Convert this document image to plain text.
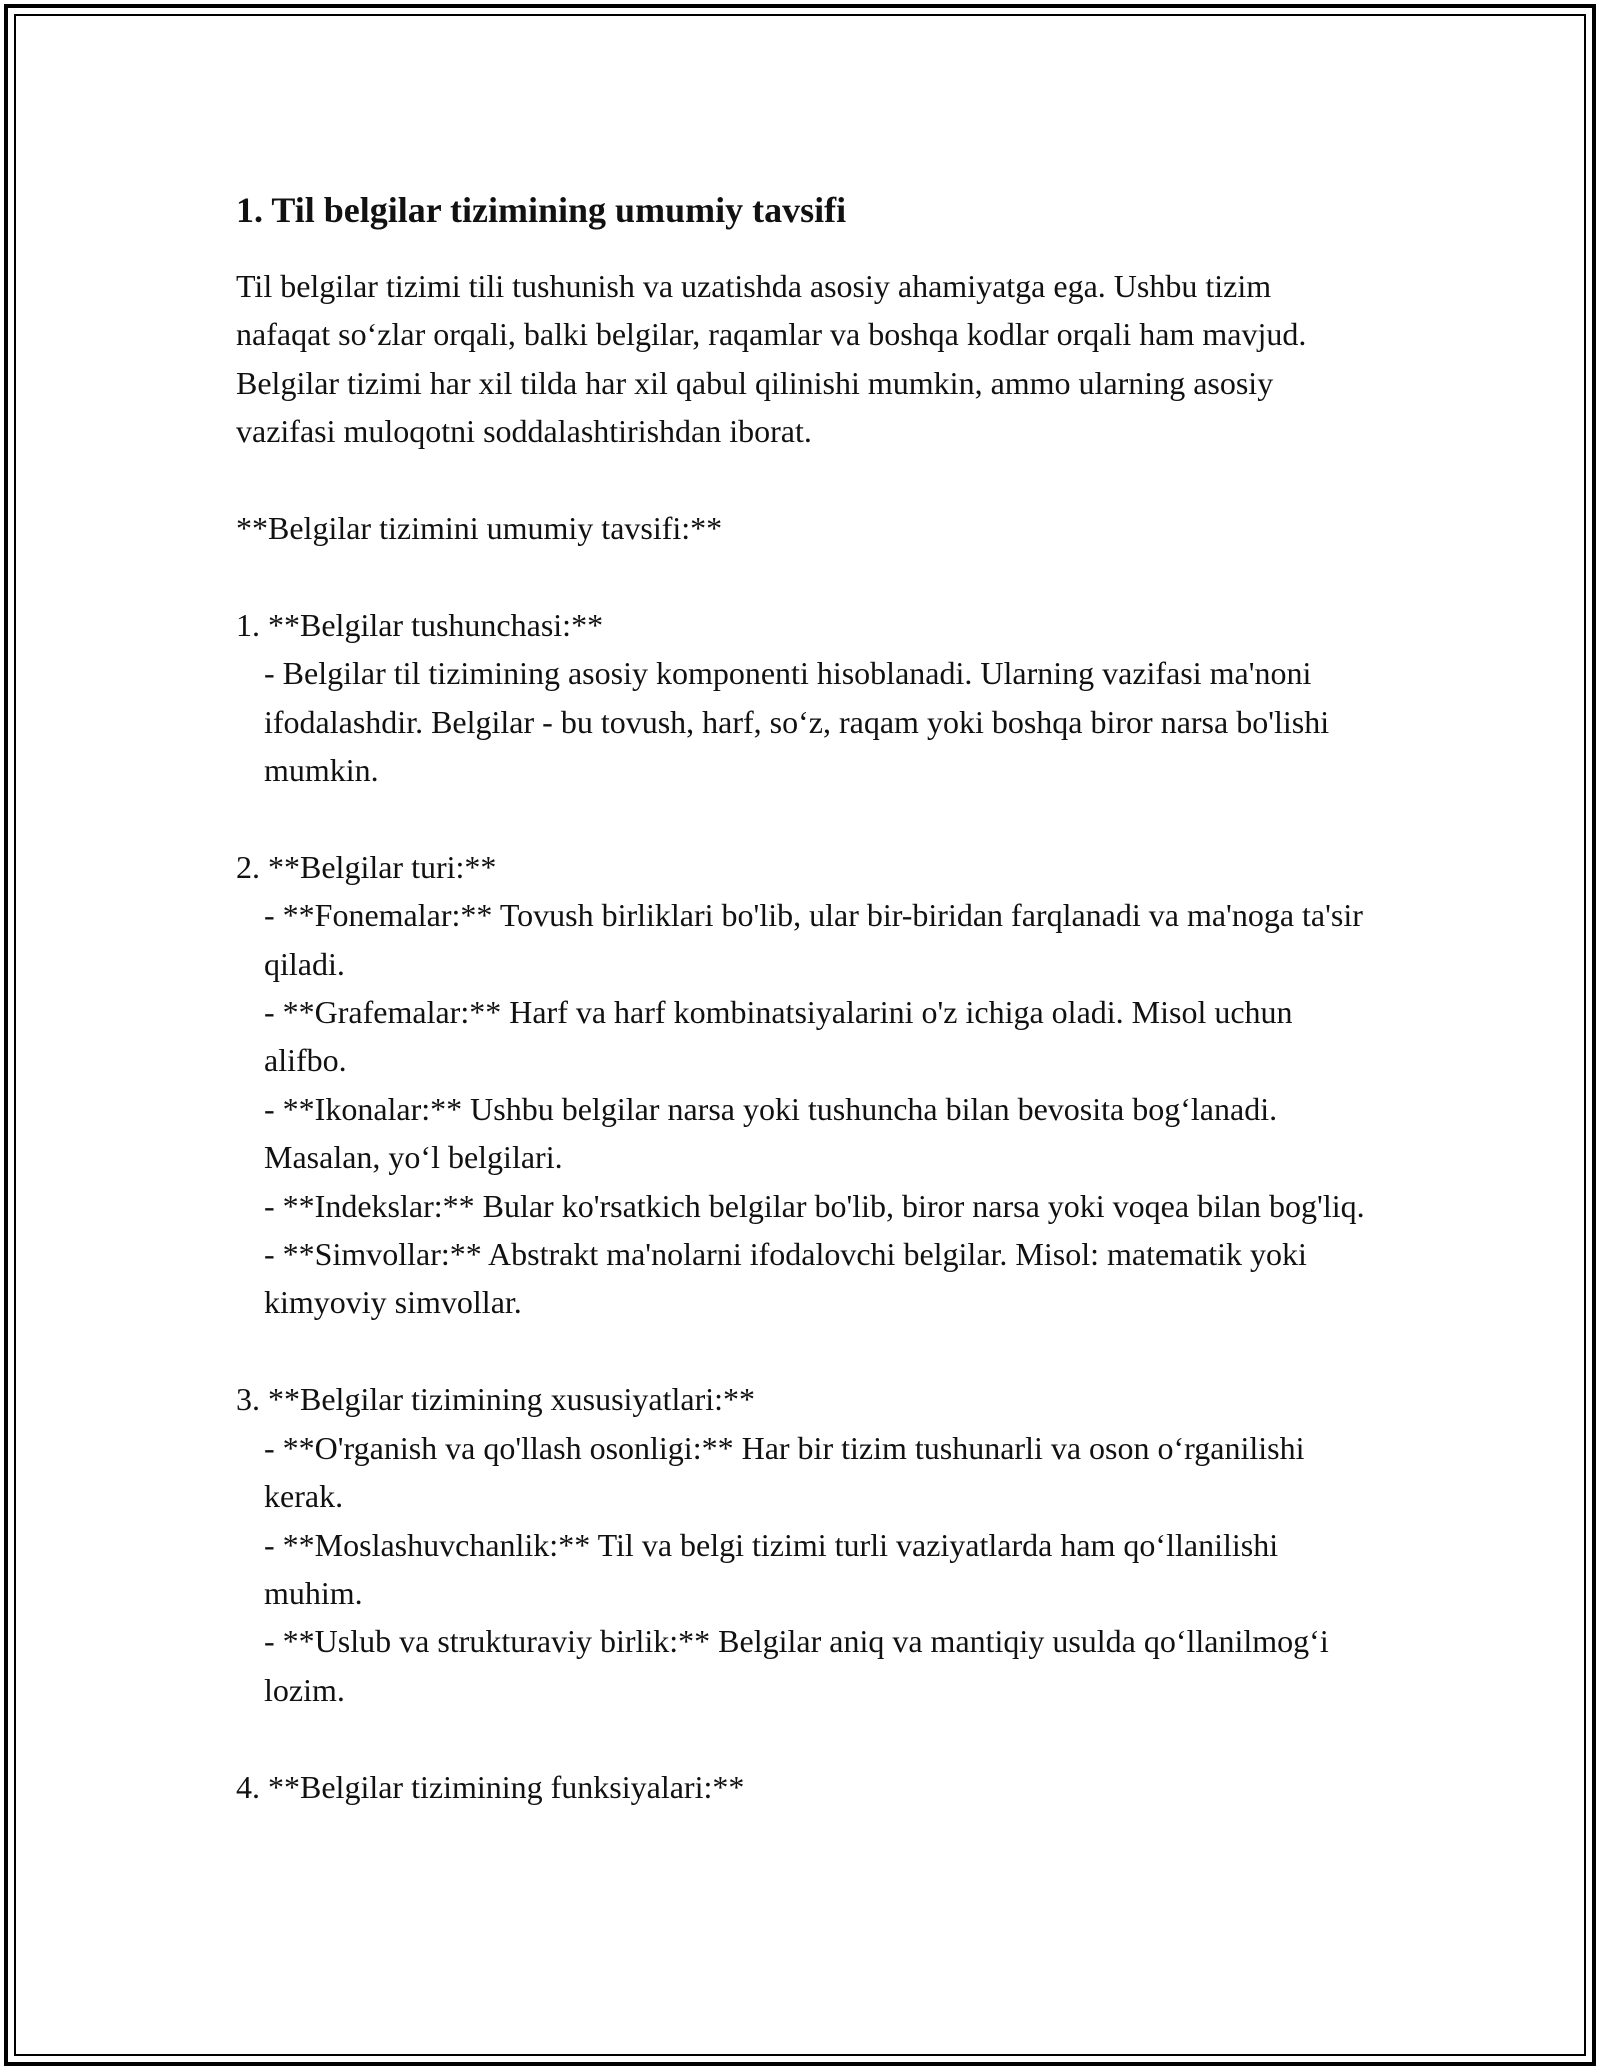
1. Til belgilar tizimining umumiy tavsifi

Til belgilar tizimi tili tushunish va uzatishda asosiy ahamiyatga ega. Ushbu tizim nafaqat so‘zlar orqali, balki belgilar, raqamlar va boshqa kodlar orqali ham mavjud. Belgilar tizimi har xil tilda har xil qabul qilinishi mumkin, ammo ularning asosiy vazifasi muloqotni soddalashtirishdan iborat.

**Belgilar tizimini umumiy tavsifi:**

1. **Belgilar tushunchasi:**

- Belgilar til tizimining asosiy komponenti hisoblanadi. Ularning vazifasi ma'noni ifodalashdir. Belgilar - bu tovush, harf, so‘z, raqam yoki boshqa biror narsa bo'lishi mumkin.

2. **Belgilar turi:**

- **Fonemalar:** Tovush birliklari bo'lib, ular bir-biridan farqlanadi va ma'noga ta'sir qiladi.

- **Grafemalar:** Harf va harf kombinatsiyalarini o'z ichiga oladi. Misol uchun alifbo.

- **Ikonalar:** Ushbu belgilar narsa yoki tushuncha bilan bevosita bog‘lanadi. Masalan, yo‘l belgilari.

- **Indekslar:** Bular ko'rsatkich belgilar bo'lib, biror narsa yoki voqea bilan bog'liq.

- **Simvollar:** Abstrakt ma'nolarni ifodalovchi belgilar. Misol: matematik yoki kimyoviy simvollar.

3. **Belgilar tizimining xususiyatlari:**

- **O'rganish va qo'llash osonligi:** Har bir tizim tushunarli va oson o‘rganilishi kerak.

- **Moslashuvchanlik:** Til va belgi tizimi turli vaziyatlarda ham qo‘llanilishi muhim.

- **Uslub va strukturaviy birlik:** Belgilar aniq va mantiqiy usulda qo‘llanilmog‘i lozim.

4. **Belgilar tizimining funksiyalari:**
